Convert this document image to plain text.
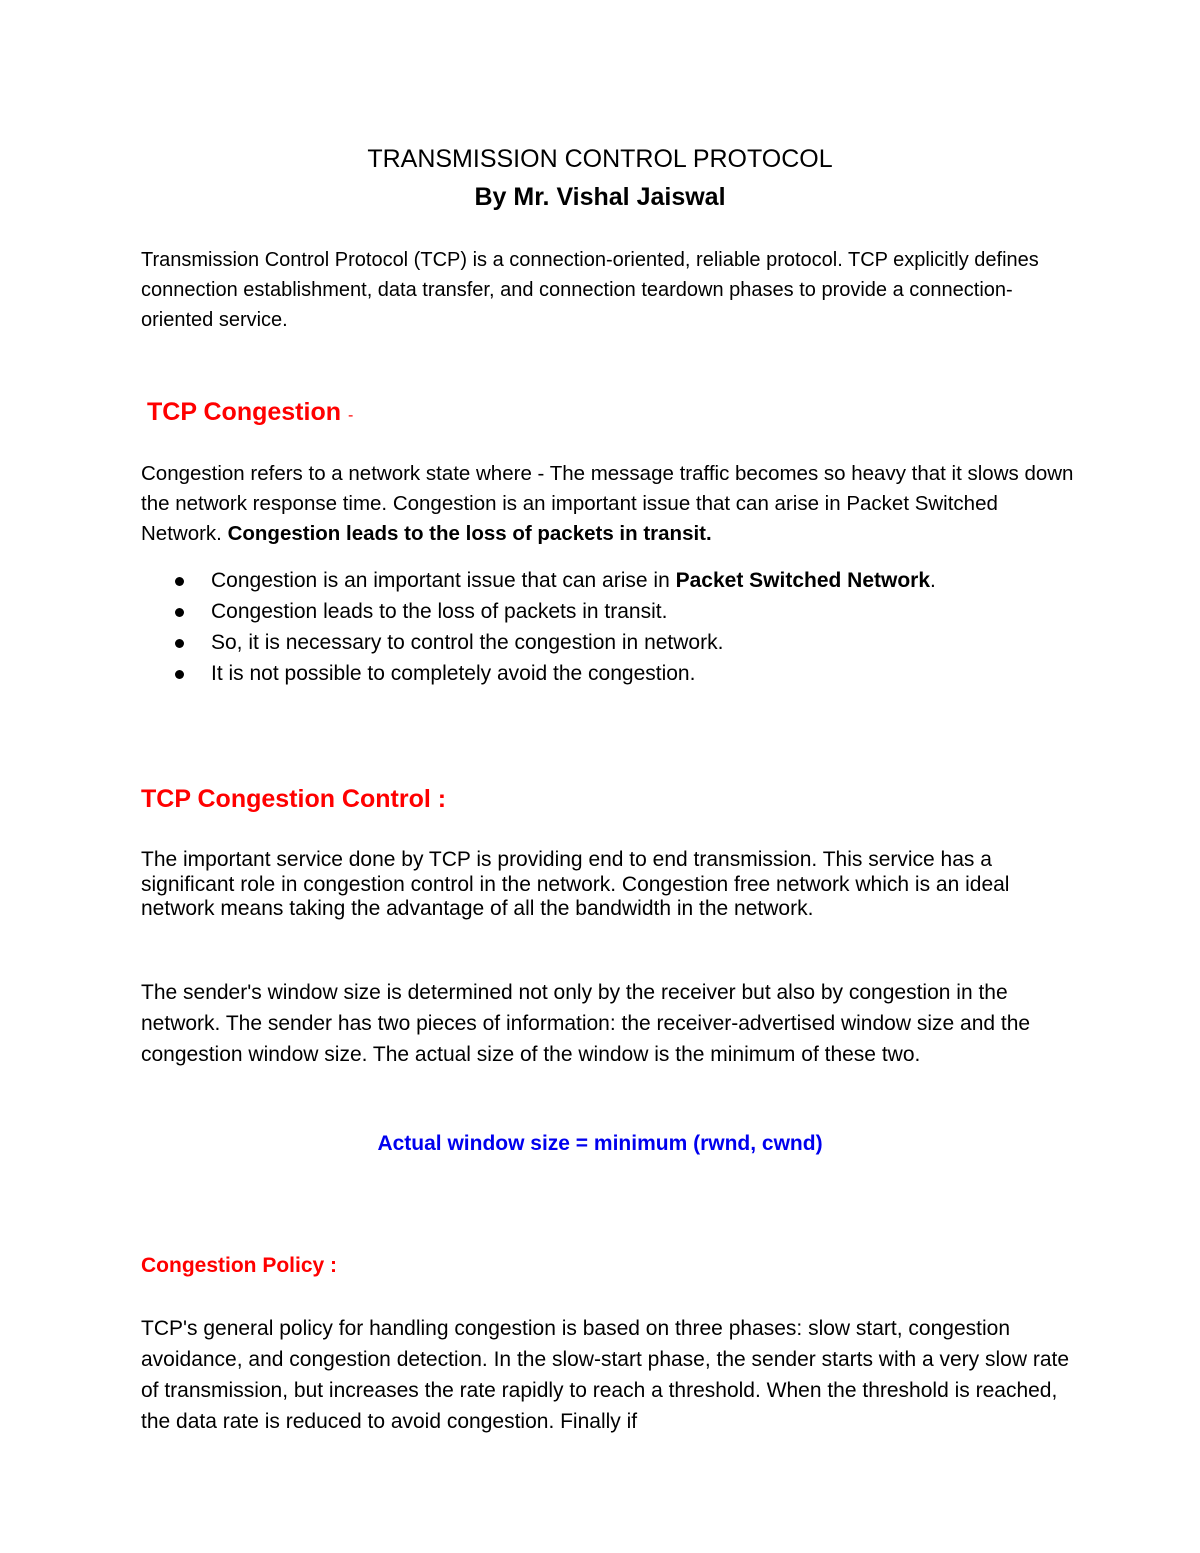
TRANSMISSION CONTROL PROTOCOL
By Mr. Vishal Jaiswal

Transmission Control Protocol (TCP) is a connection-oriented, reliable protocol. TCP explicitly defines connection establishment, data transfer, and connection teardown phases to provide a connection-oriented service.

TCP Congestion -

Congestion refers to a network state where - The message traffic becomes so heavy that it slows down the network response time. Congestion is an important issue that can arise in Packet Switched Network. Congestion leads to the loss of packets in transit.

Congestion is an important issue that can arise in Packet Switched Network.
Congestion leads to the loss of packets in transit.
So, it is necessary to control the congestion in network.
It is not possible to completely avoid the congestion.
TCP Congestion Control :

The important service done by TCP is providing end to end transmission. This service has a significant role in congestion control in the network. Congestion free network which is an ideal network means taking the advantage of all the bandwidth in the network.

The sender's window size is determined not only by the receiver but also by congestion in the network. The sender has two pieces of information: the receiver-advertised window size and the congestion window size. The actual size of the window is the minimum of these two.

Actual window size = minimum (rwnd, cwnd)
Congestion Policy :

TCP's general policy for handling congestion is based on three phases: slow start, congestion avoidance, and congestion detection. In the slow-start phase, the sender starts with a very slow rate of transmission, but increases the rate rapidly to reach a threshold. When the threshold is reached, the data rate is reduced to avoid congestion. Finally if
